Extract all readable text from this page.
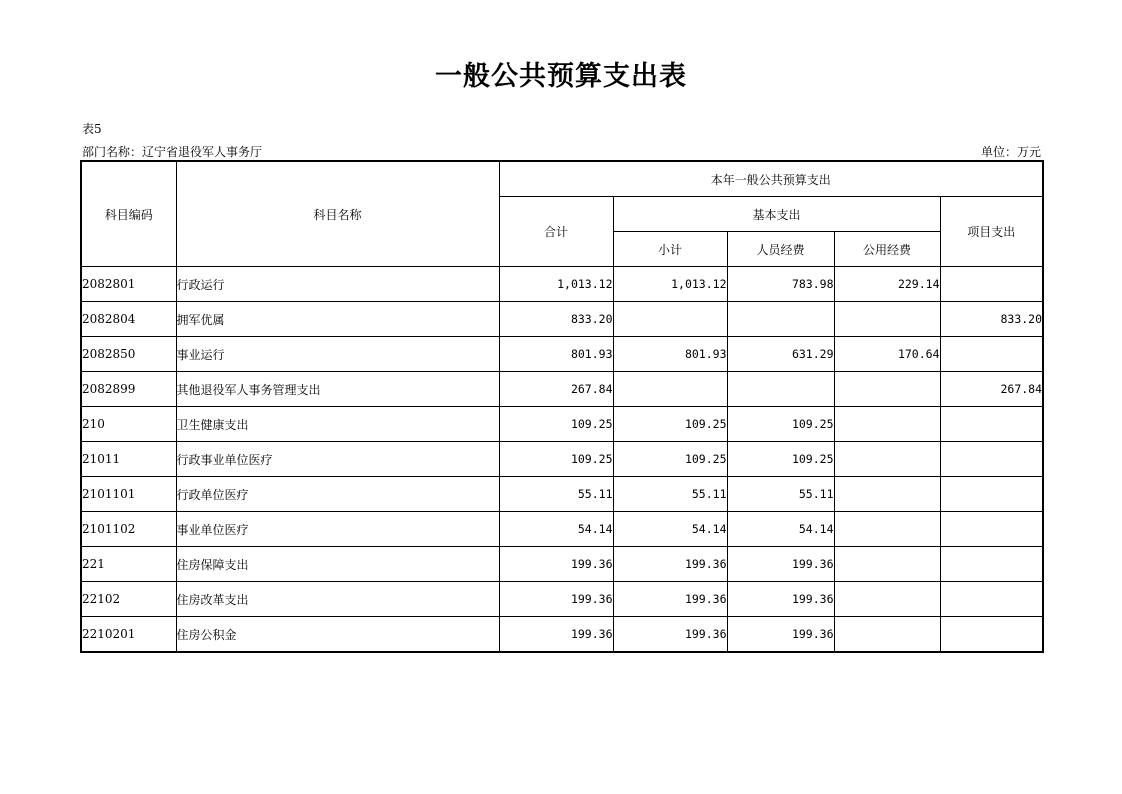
一般公共预算支出表
表5
部门名称：辽宁省退役军人事务厅	单位：万元
科目编码	科目名称	本年一般公共预算支出				
		合计	基本支出			项目支出
			小计	人员经费	公用经费	
2082801	行政运行	1,013.12	1,013.12	783.98	229.14	
2082804	拥军优属	833.20				833.20
2082850	事业运行	801.93	801.93	631.29	170.64	
2082899	其他退役军人事务管理支出	267.84				267.84
210	卫生健康支出	109.25	109.25	109.25		
21011	行政事业单位医疗	109.25	109.25	109.25		
2101101	行政单位医疗	55.11	55.11	55.11		
2101102	事业单位医疗	54.14	54.14	54.14		
221	住房保障支出	199.36	199.36	199.36		
22102	住房改革支出	199.36	199.36	199.36		
2210201	住房公积金	199.36	199.36	199.36		
